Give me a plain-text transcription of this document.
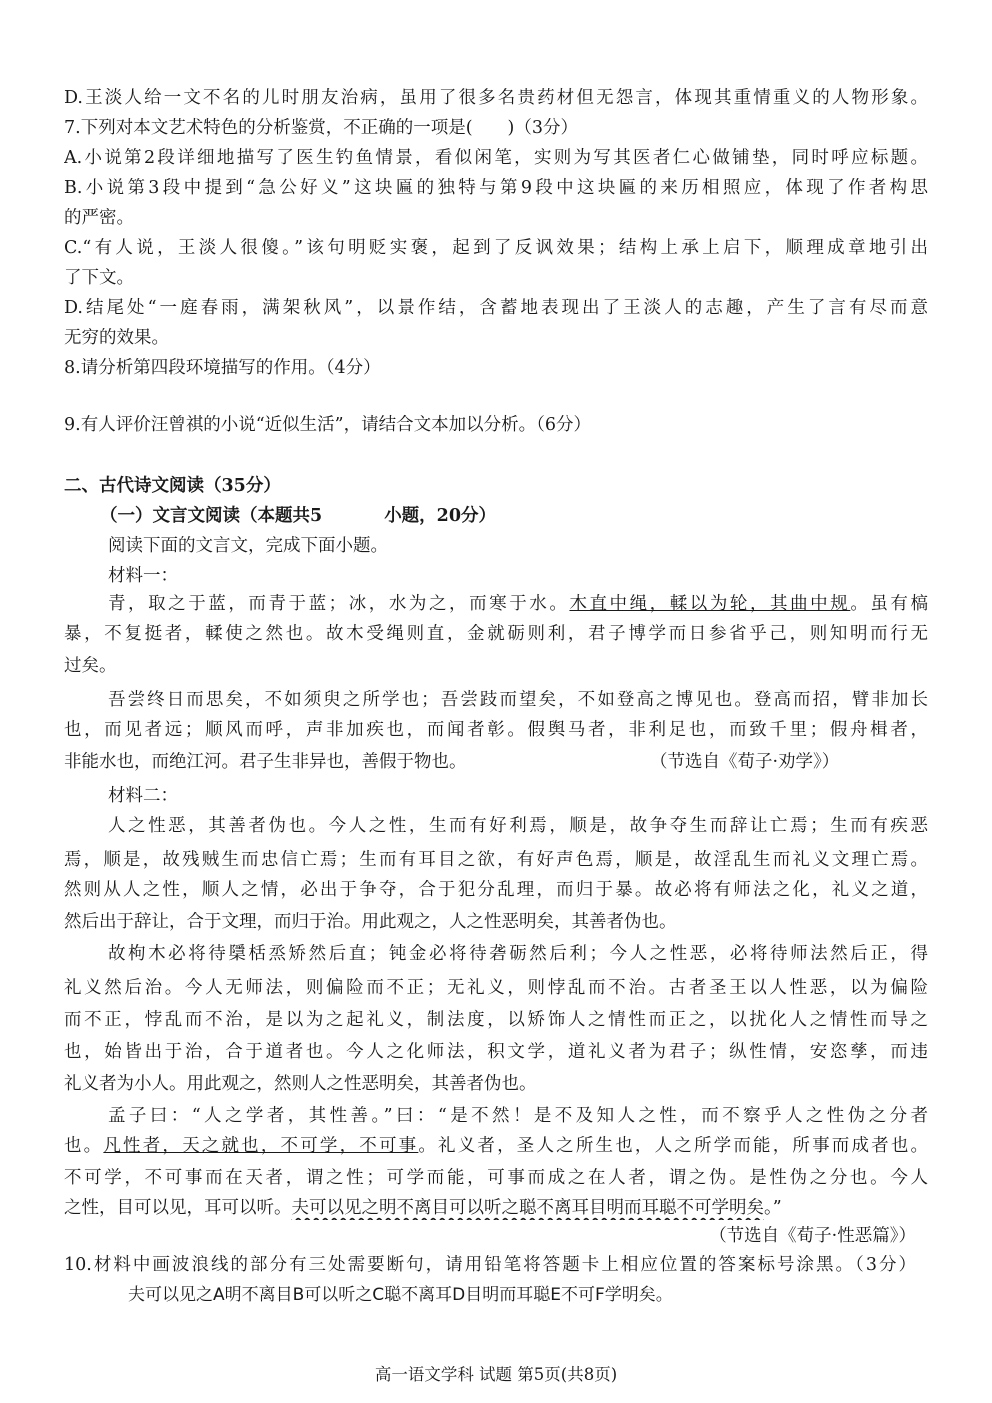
D.王淡人给一文不名的儿时朋友治病，虽用了很多名贵药材但无怨言，体现其重情重义的人物形象。
7.下列对本文艺术特色的分析鉴赏，不正确的一项是(　　)（3分）
A.小说第2段详细地描写了医生钓鱼情景，看似闲笔，实则为写其医者仁心做铺垫，同时呼应标题。
B.小说第3段中提到“急公好义”这块匾的独特与第9段中这块匾的来历相照应，体现了作者构思
的严密。
C.“有人说，王淡人很傻。”该句明贬实褒，起到了反讽效果；结构上承上启下，顺理成章地引出
了下文。
D.结尾处“一庭春雨，满架秋风”，以景作结，含蓄地表现出了王淡人的志趣，产生了言有尽而意
无穷的效果。
8.请分析第四段环境描写的作用。（4分）
9.有人评价汪曾祺的小说“近似生活”，请结合文本加以分析。（6分）
二、古代诗文阅读（35分）
（一）文言文阅读（本题共5	小题，20分）
阅读下面的文言文，完成下面小题。
材料一：
青，取之于蓝，而青于蓝；冰，水为之，而寒于水。木直中绳，輮以为轮，其曲中规。虽有槁
暴，不复挺者，輮使之然也。故木受绳则直，金就砺则利，君子博学而日参省乎己，则知明而行无
过矣。
吾尝终日而思矣，不如须臾之所学也；吾尝跂而望矣，不如登高之博见也。登高而招，臂非加长
也，而见者远；顺风而呼，声非加疾也，而闻者彰。假舆马者，非利足也，而致千里；假舟楫者，
非能水也，而绝江河。君子生非异也，善假于物也。	（节选自《荀子·劝学》）
材料二：
人之性恶，其善者伪也。今人之性，生而有好利焉，顺是，故争夺生而辞让亡焉；生而有疾恶
焉，顺是，故残贼生而忠信亡焉；生而有耳目之欲，有好声色焉，顺是，故淫乱生而礼义文理亡焉。
然则从人之性，顺人之情，必出于争夺，合于犯分乱理，而归于暴。故必将有师法之化，礼义之道，
然后出于辞让，合于文理，而归于治。用此观之，人之性恶明矣，其善者伪也。
故枸木必将待檃栝烝矫然后直；钝金必将待砻砺然后利；今人之性恶，必将待师法然后正，得
礼义然后治。今人无师法，则偏险而不正；无礼义，则悖乱而不治。古者圣王以人性恶，以为偏险
而不正，悖乱而不治，是以为之起礼义，制法度，以矫饰人之情性而正之，以扰化人之情性而导之
也，始皆出于治，合于道者也。今人之化师法，积文学，道礼义者为君子；纵性情，安恣孳，而违
礼义者为小人。用此观之，然则人之性恶明矣，其善者伪也。
孟子曰：“人之学者，其性善。”曰：“是不然！是不及知人之性，而不察乎人之性伪之分者
也。凡性者，天之就也，不可学，不可事。礼义者，圣人之所生也，人之所学而能，所事而成者也。
不可学，不可事而在天者，谓之性；可学而能，可事而成之在人者，谓之伪。是性伪之分也。今人
之性，目可以见，耳可以听。夫可以见之明不离目可以听之聪不离耳目明而耳聪不可学明矣。”
（节选自《荀子·性恶篇》）
10.材料中画波浪线的部分有三处需要断句，请用铅笔将答题卡上相应位置的答案标号涂黑。（3分）
夫可以见之A明不离目B可以听之C聪不离耳D目明而耳聪E不可F学明矣。
高一语文学科 试题 第5页(共8页)
